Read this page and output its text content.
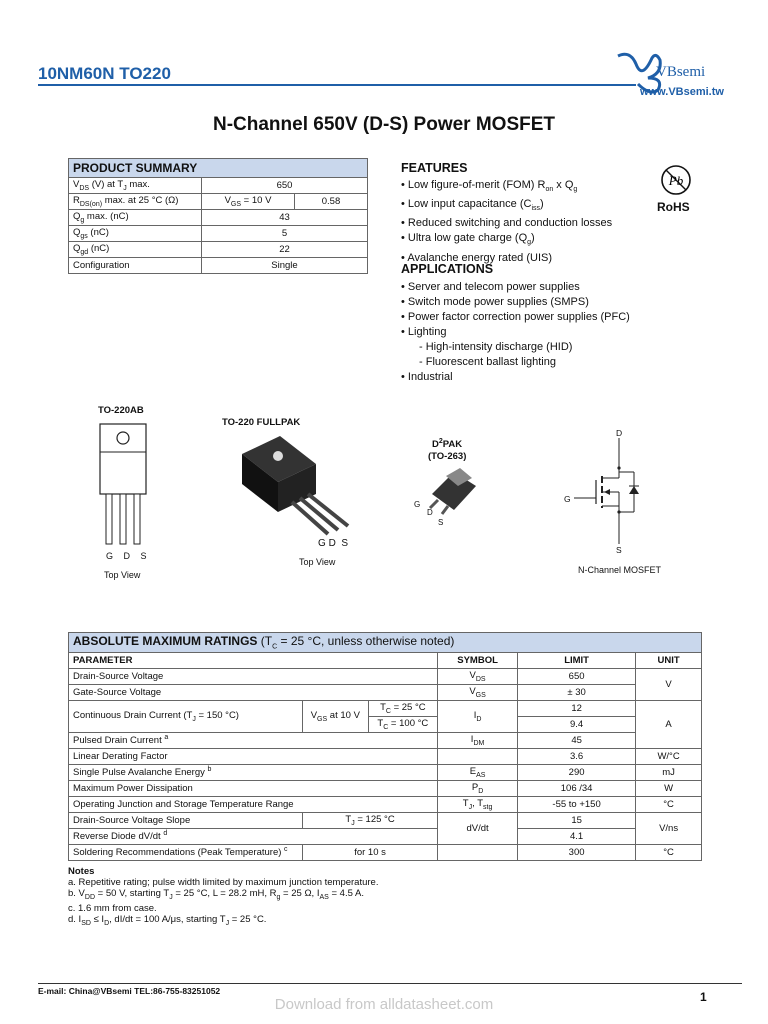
10NM60N TO220	VBsemi
www.VBsemi.tw
N-Channel 650V (D-S) Power MOSFET
PRODUCT SUMMARY		
$V_{DS}$ (V) at $T_J$ max.	650	
$R_{DS(on)}$ max. at 25 °C (Ω)	$V_{GS} = 10$ V	0.58
$Q_g$ max. (nC)	43	
$Q_{gs}$ (nC)	5	
$Q_{gd}$ (nC)	22	
Configuration	Single	
FEATURES
• Low figure-of-merit (FOM) $R_{on}$ x $Q_g$
• Low input capacitance $(C_{iss})$
• Reduced switching and conduction losses
• Ultra low gate charge $(Q_g)$
• Avalanche energy rated (UIS)
Pb
RoHS
APPLICATIONS
• Server and telecom power supplies
• Switch mode power supplies (SMPS)
• Power factor correction power supplies (PFC)
• Lighting
- High-intensity discharge (HID)
- Fluorescent ballast lighting
• Industrial
TO-220AB
G D S
Top View
TO-220 FULLPAK
G D S
Top View
$D^2PAK$
(TO-263)
G
D
S
D
G
S
N-Channel MOSFET
ABSOLUTE MAXIMUM RATINGS ($T_C = 25$ °C, unless otherwise noted)					
PARAMETER			SYMBOL	LIMIT	UNIT
Drain-Source Voltage			$V_{DS}$	650	V
Gate-Source Voltage			$V_{GS}$	± 30	
Continuous Drain Current ($T_J = 150$ °C)	$V_{GS}$ at 10 V	$T_C = 25$ °C	$I_D$	12	A
		$T_C = 100$ °C		9.4	
Pulsed Drain Current $^a$			$I_{DM}$	45	
Linear Derating Factor				3.6	W/°C
Single Pulse Avalanche Energy $^b$			$E_{AS}$	290	mJ
Maximum Power Dissipation			$P_D$	106 /34	W
Operating Junction and Storage Temperature Range			$T_J$, $T_{stg}$	-55 to +150	°C
Drain-Source Voltage Slope	$T_J = 125$ °C		dV/dt	15	V/ns
Reverse Diode dV/dt $^d$				4.1	
Soldering Recommendations (Peak Temperature) $^c$	for 10 s			300	°C
Notes
a. Repetitive rating; pulse width limited by maximum junction temperature.
b. $V_{DD} = 50$ V, starting $T_J = 25$ °C, L = 28.2 mH, $R_g = 25$ Ω, $I_{AS} = 4.5$ A.
c. 1.6 mm from case.
d. $I_{SD} \le I_D$, dI/dt = 100 A/μs, starting $T_J = 25$ °C.
E-mail: China@VBsemi TEL:86-755-83251052	1
Download from alldatasheet.com
